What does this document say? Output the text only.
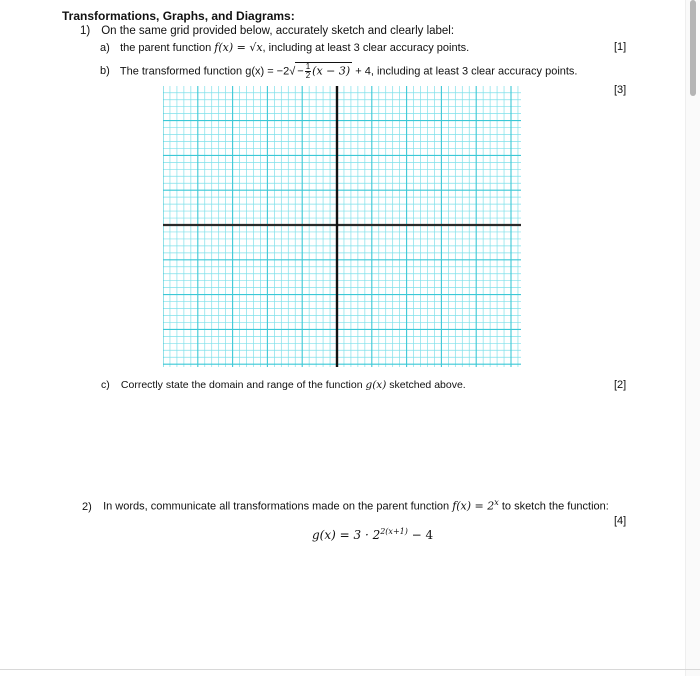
Transformations, Graphs, and Diagrams:
1) On the same grid provided below, accurately sketch and clearly label:
a) the parent function f(x) = √x, including at least 3 clear accuracy points.	[1]
b) The transformed function $g(x) = -2√ - \frac{1}{2} (x - 3) + 4$, including at least 3 clear accuracy points.
[3]
c) Correctly state the domain and range of the function g(x) sketched above.	[2]
2) In words, communicate all transformations made on the parent function $f(x) = 2^x$ to sketch the function:
[4]
$g(x) = 3 \cdot 2^{2(x+1)} - 4$
